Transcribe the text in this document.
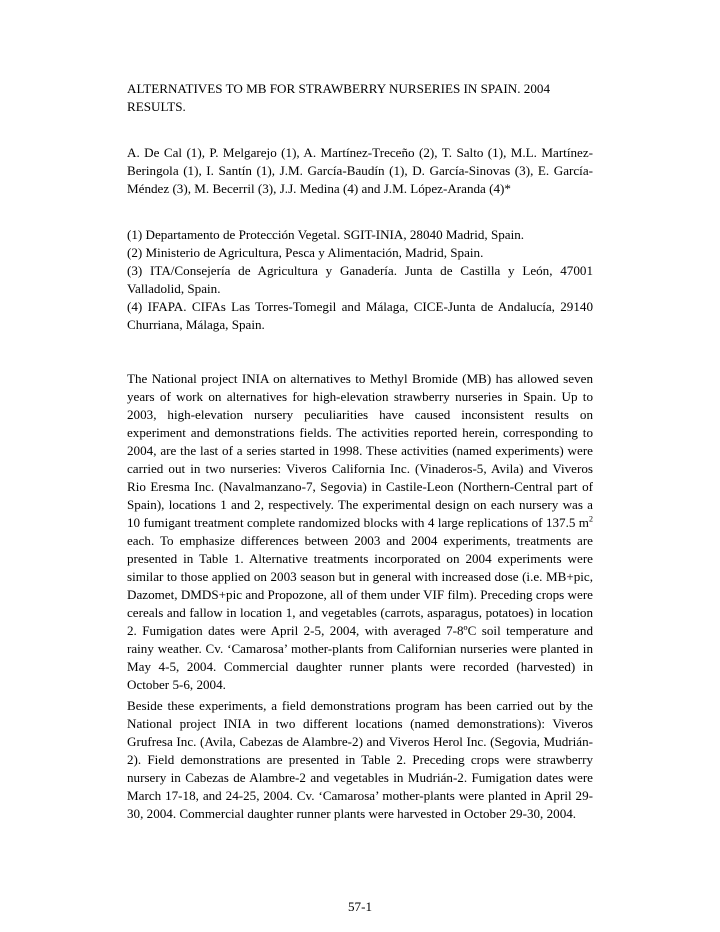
ALTERNATIVES TO MB FOR STRAWBERRY NURSERIES IN SPAIN. 2004 RESULTS.

A. De Cal (1), P. Melgarejo (1), A. Martínez-Treceño (2), T. Salto (1), M.L. Martínez-Beringola (1), I. Santín (1), J.M. García-Baudín (1), D. García-Sinovas (3), E. García-Méndez (3), M. Becerril (3), J.J. Medina (4) and J.M. López-Aranda (4)*

(1) Departamento de Protección Vegetal. SGIT-INIA, 28040 Madrid, Spain.

(2) Ministerio de Agricultura, Pesca y Alimentación, Madrid, Spain.

(3) ITA/Consejería de Agricultura y Ganadería. Junta de Castilla y León, 47001 Valladolid, Spain.

(4) IFAPA. CIFAs Las Torres-Tomegil and Málaga, CICE-Junta de Andalucía, 29140 Churriana, Málaga, Spain.

The National project INIA on alternatives to Methyl Bromide (MB) has allowed seven years of work on alternatives for high-elevation strawberry nurseries in Spain. Up to 2003, high-elevation nursery peculiarities have caused inconsistent results on experiment and demonstrations fields. The activities reported herein, corresponding to 2004, are the last of a series started in 1998. These activities (named experiments) were carried out in two nurseries: Viveros California Inc. (Vinaderos-5, Avila) and Viveros Rio Eresma Inc. (Navalmanzano-7, Segovia) in Castile-Leon (Northern-Central part of Spain), locations 1 and 2, respectively. The experimental design on each nursery was a 10 fumigant treatment complete randomized blocks with 4 large replications of 137.5 $m^2$ each. To emphasize differences between 2003 and 2004 experiments, treatments are presented in Table 1. Alternative treatments incorporated on 2004 experiments were similar to those applied on 2003 season but in general with increased dose (i.e. MB+pic, Dazomet, DMDS+pic and Propozone, all of them under VIF film). Preceding crops were cereals and fallow in location 1, and vegetables (carrots, asparagus, potatoes) in location 2. Fumigation dates were April 2-5, 2004, with averaged 7-8ºC soil temperature and rainy weather. Cv. ‘Camarosa’ mother-plants from Californian nurseries were planted in May 4-5, 2004. Commercial daughter runner plants were recorded (harvested) in October 5-6, 2004.

Beside these experiments, a field demonstrations program has been carried out by the National project INIA in two different locations (named demonstrations): Viveros Grufresa Inc. (Avila, Cabezas de Alambre-2) and Viveros Herol Inc. (Segovia, Mudrián-2). Field demonstrations are presented in Table 2. Preceding crops were strawberry nursery in Cabezas de Alambre-2 and vegetables in Mudrián-2. Fumigation dates were March 17-18, and 24-25, 2004. Cv. ‘Camarosa’ mother-plants were planted in April 29-30, 2004. Commercial daughter runner plants were harvested in October 29-30, 2004.

57-1
